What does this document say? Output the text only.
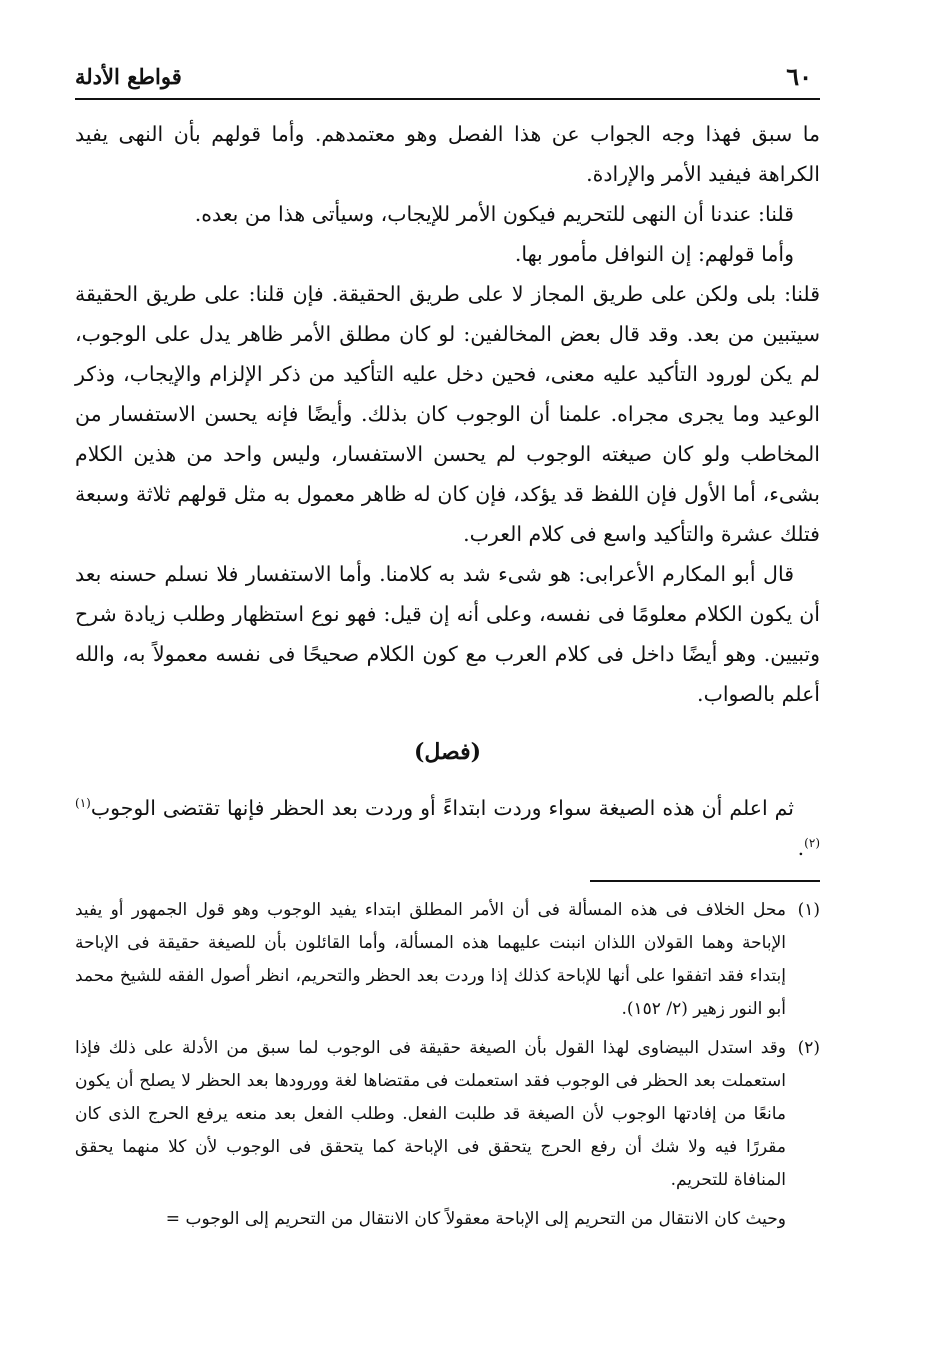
٦٠
قواطع الأدلة

ما سبق فهذا وجه الجواب عن هذا الفصل وهو معتمدهم. وأما قولهم بأن النهى يفيد الكراهة فيفيد الأمر والإرادة.

قلنا: عندنا أن النهى للتحريم فيكون الأمر للإيجاب، وسيأتى هذا من بعده.

وأما قولهم: إن النوافل مأمور بها.

قلنا: بلى ولكن على طريق المجاز لا على طريق الحقيقة. فإن قلنا: على طريق الحقيقة سيتبين من بعد. وقد قال بعض المخالفين: لو كان مطلق الأمر ظاهر يدل على الوجوب، لم يكن لورود التأكيد عليه معنى، فحين دخل عليه التأكيد من ذكر الإلزام والإيجاب، وذكر الوعيد وما يجرى مجراه. علمنا أن الوجوب كان بذلك. وأيضًا فإنه يحسن الاستفسار من المخاطب ولو كان صيغته الوجوب لم يحسن الاستفسار، وليس واحد من هذين الكلام بشىء، أما الأول فإن اللفظ قد يؤكد، فإن كان له ظاهر معمول به مثل قولهم ثلاثة وسبعة فتلك عشرة والتأكيد واسع فى كلام العرب.

قال أبو المكارم الأعرابى: هو شىء شد به كلامنا. وأما الاستفسار فلا نسلم حسنه بعد أن يكون الكلام معلومًا فى نفسه، وعلى أنه إن قيل: فهو نوع استظهار وطلب زيادة شرح وتبيين. وهو أيضًا داخل فى كلام العرب مع كون الكلام صحيحًا فى نفسه معمولاً به، والله أعلم بالصواب.

(فصل)

ثم اعلم أن هذه الصيغة سواء وردت ابتداءً أو وردت بعد الحظر فإنها تقتضى الوجوب$^{(١) (٢)}$.

(١)
محل الخلاف فى هذه المسألة فى أن الأمر المطلق ابتداء يفيد الوجوب وهو قول الجمهور أو يفيد الإباحة وهما القولان اللذان انبنت عليهما هذه المسألة، وأما القائلون بأن للصيغة حقيقة فى الإباحة إبتداء فقد اتفقوا على أنها للإباحة كذلك إذا وردت بعد الحظر والتحريم، انظر أصول الفقه للشيخ محمد أبو النور زهير (٢/ ١٥٢).
(٢)
وقد استدل البيضاوى لهذا القول بأن الصيغة حقيقة فى الوجوب لما سبق من الأدلة على ذلك فإذا استعملت بعد الحظر فى الوجوب فقد استعملت فى مقتضاها لغة وورودها بعد الحظر لا يصلح أن يكون مانعًا من إفادتها الوجوب لأن الصيغة قد طلبت الفعل. وطلب الفعل بعد منعه يرفع الحرج الذى كان مقررًا فيه ولا شك أن رفع الحرج يتحقق فى الإباحة كما يتحقق فى الوجوب لأن كلا منهما يحقق المنافاة للتحريم.
وحيث كان الانتقال من التحريم إلى الإباحة معقولاً كان الانتقال من التحريم إلى الوجوب =
